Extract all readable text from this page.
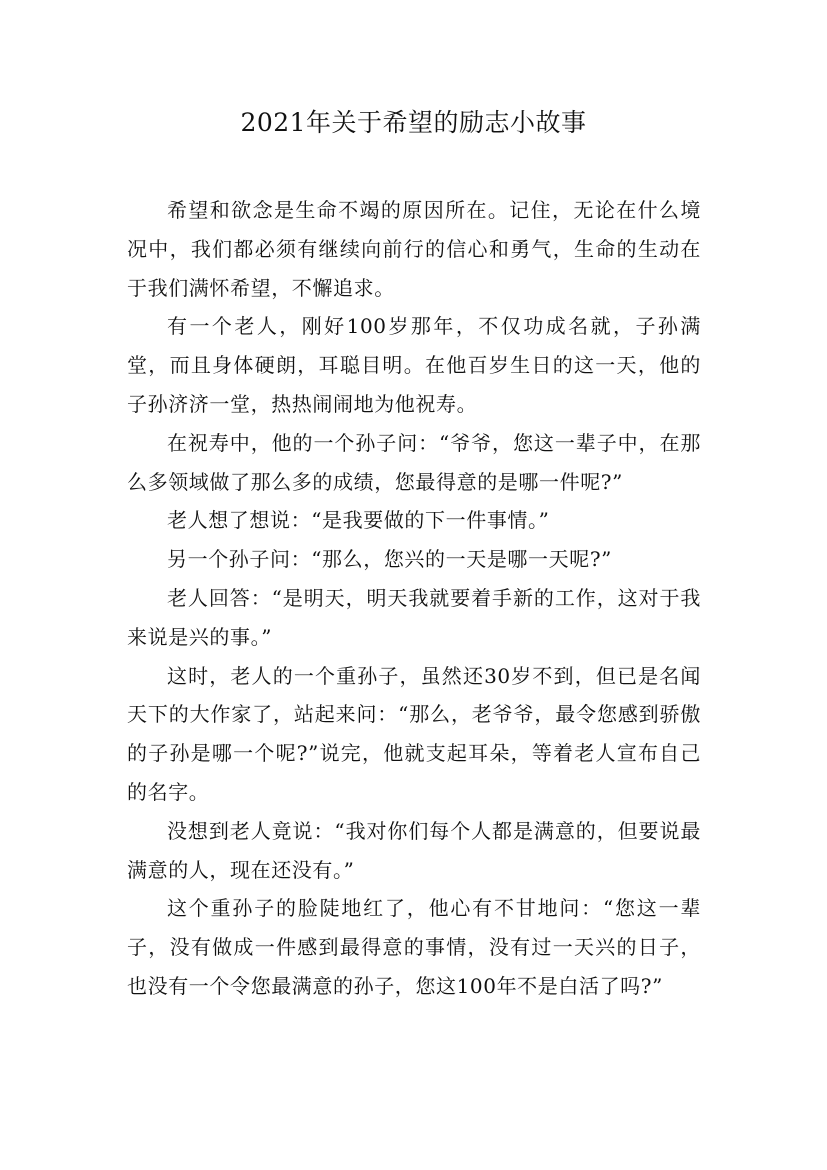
2021年关于希望的励志小故事

希望和欲念是生命不竭的原因所在。记住，无论在什么境况中，我们都必须有继续向前行的信心和勇气，生命的生动在于我们满怀希望，不懈追求。

有一个老人，刚好100岁那年，不仅功成名就，子孙满堂，而且身体硬朗，耳聪目明。在他百岁生日的这一天，他的子孙济济一堂，热热闹闹地为他祝寿。

在祝寿中，他的一个孙子问：“爷爷，您这一辈子中，在那么多领域做了那么多的成绩，您最得意的是哪一件呢?”

老人想了想说：“是我要做的下一件事情。”

另一个孙子问：“那么，您兴的一天是哪一天呢?”

老人回答：“是明天，明天我就要着手新的工作，这对于我来说是兴的事。”

这时，老人的一个重孙子，虽然还30岁不到，但已是名闻天下的大作家了，站起来问：“那么，老爷爷，最令您感到骄傲的子孙是哪一个呢?”说完，他就支起耳朵，等着老人宣布自己的名字。

没想到老人竟说：“我对你们每个人都是满意的，但要说最满意的人，现在还没有。”

这个重孙子的脸陡地红了，他心有不甘地问：“您这一辈子，没有做成一件感到最得意的事情，没有过一天兴的日子，也没有一个令您最满意的孙子，您这100年不是白活了吗?”
